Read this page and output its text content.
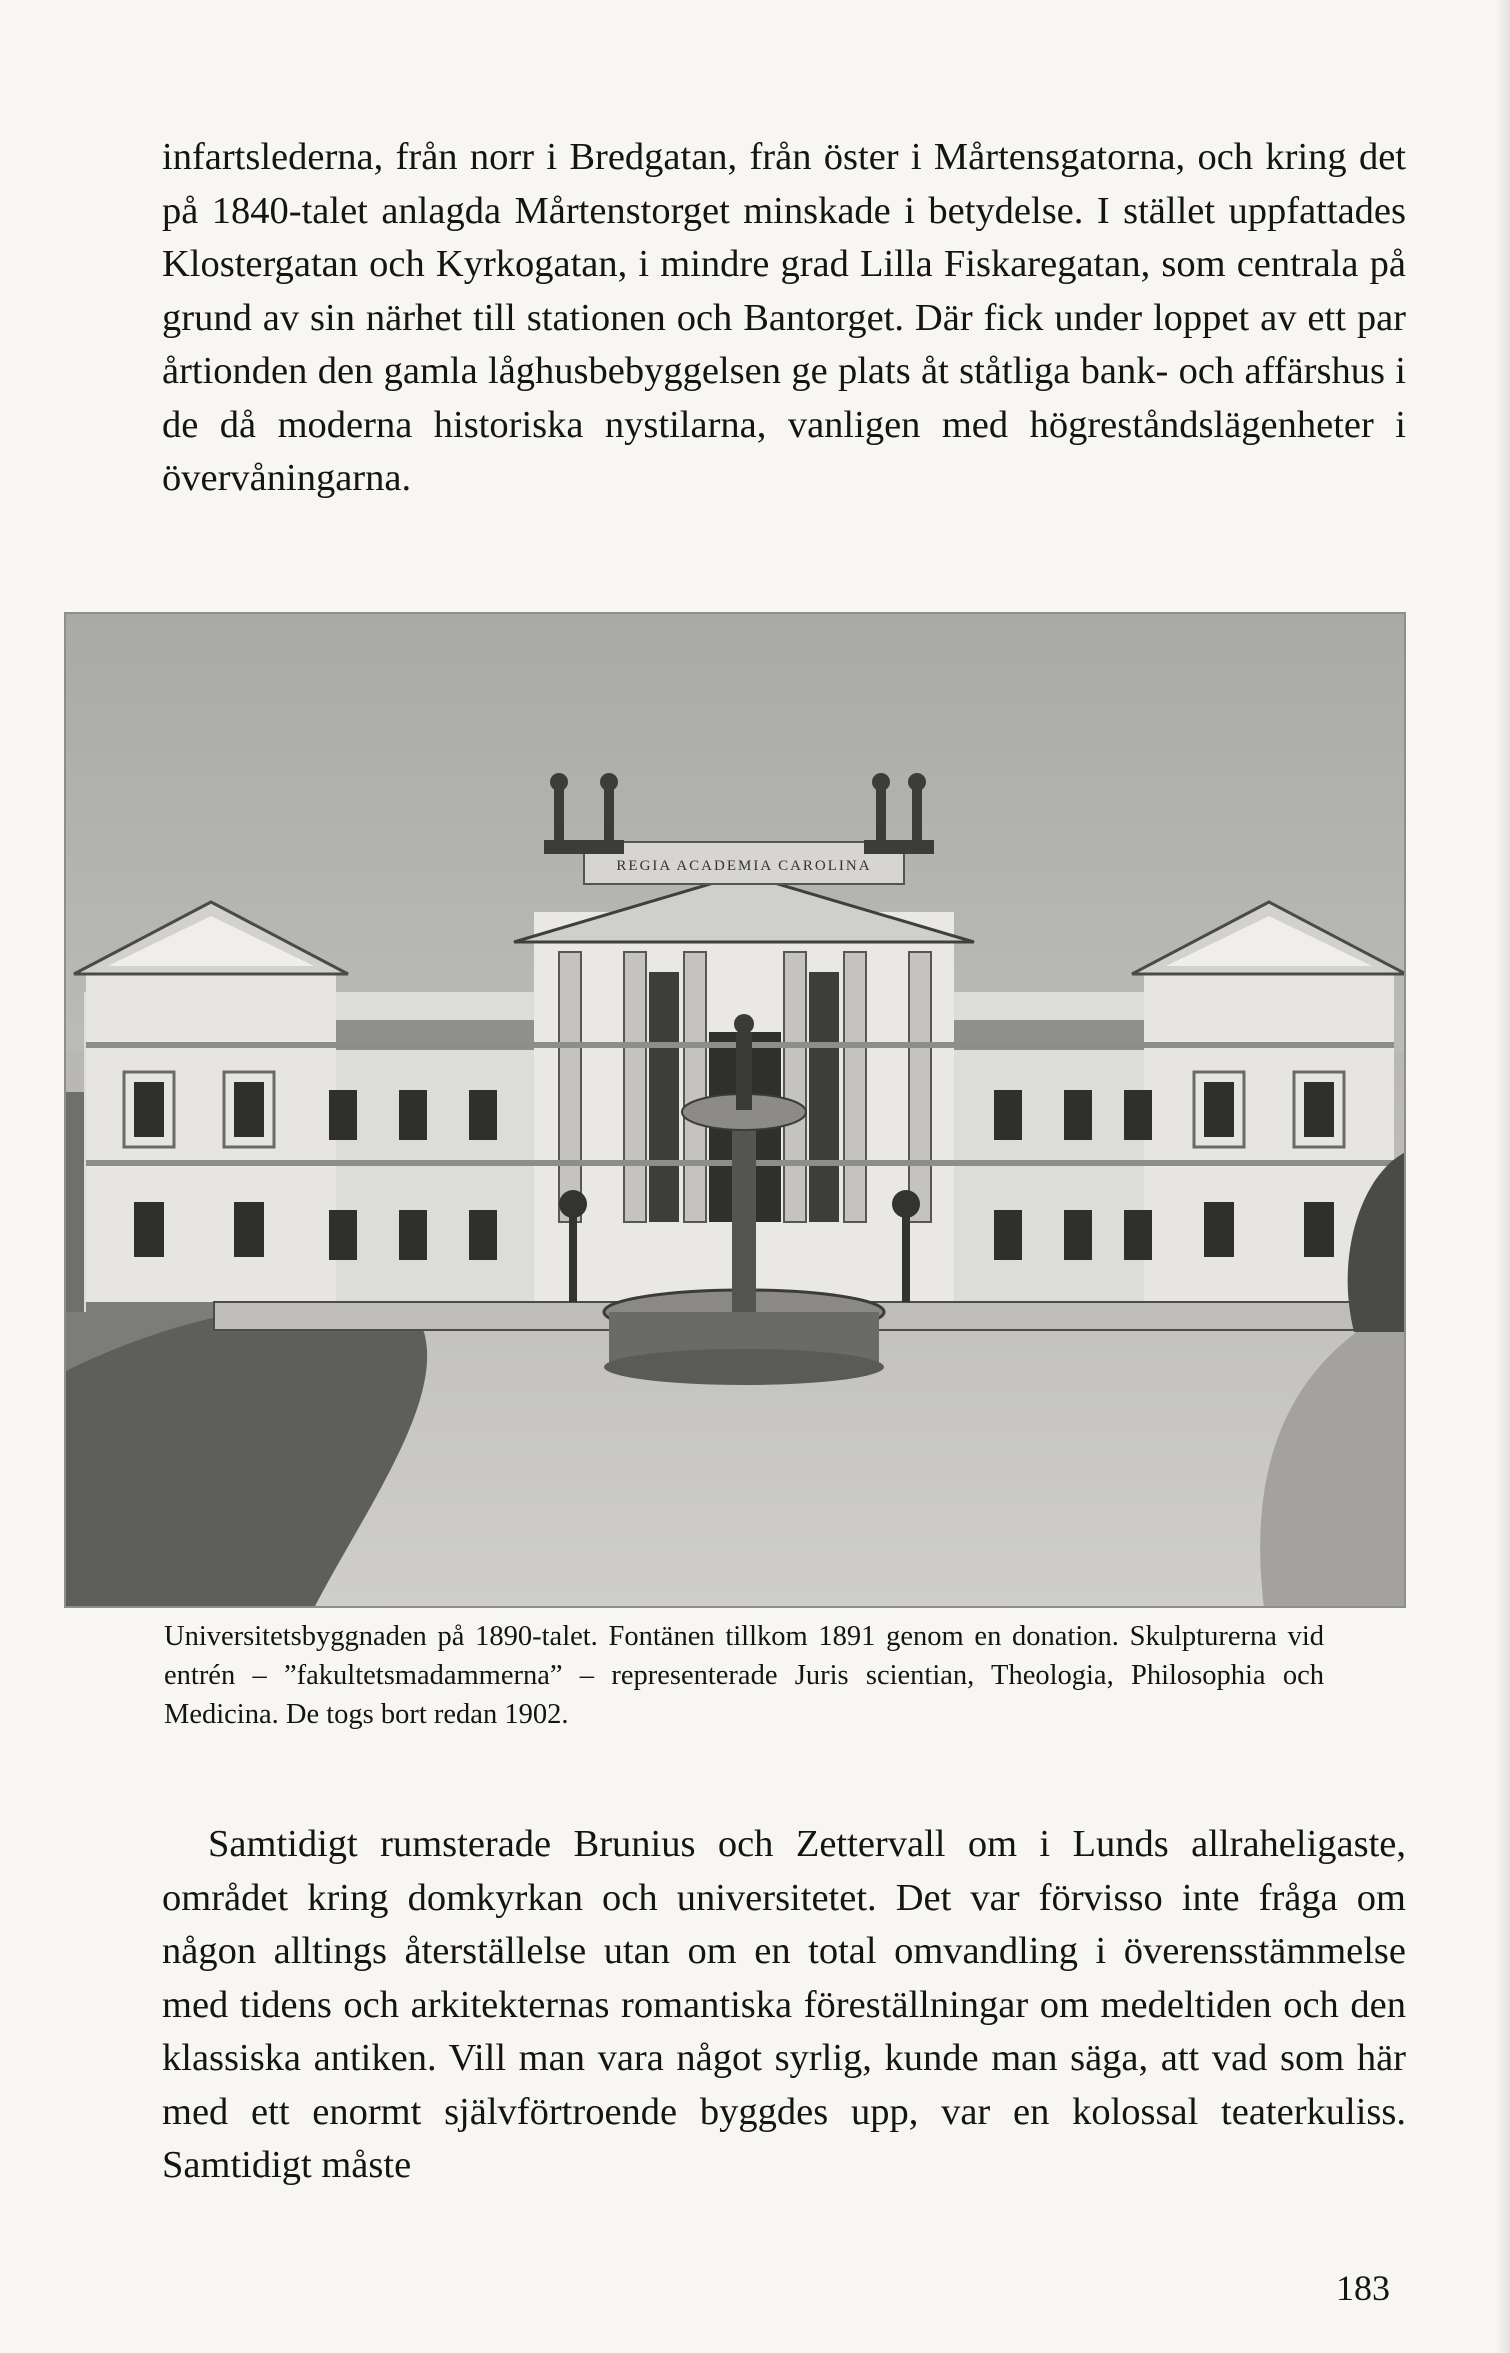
infartslederna, från norr i Bredgatan, från öster i Mårtensgatorna, och kring det på 1840-talet anlagda Mårtenstorget minskade i betydelse. I stället uppfattades Klostergatan och Kyrkogatan, i mindre grad Lilla Fiskaregatan, som centrala på grund av sin närhet till stationen och Bantorget. Där fick under loppet av ett par årtionden den gamla låghusbebyggelsen ge plats åt ståtliga bank- och affärshus i de då moderna historiska nystilarna, vanligen med högreståndslägenheter i övervåningarna.

REGIA ACADEMIA CAROLINA

Universitetsbyggnaden på 1890-talet. Fontänen tillkom 1891 genom en donation. Skulpturerna vid entrén – ”fakultetsmadammerna” – representerade Juris scientian, Theologia, Philosophia och Medicina. De togs bort redan 1902.

Samtidigt rumsterade Brunius och Zettervall om i Lunds allraheligaste, området kring domkyrkan och universitetet. Det var förvisso inte fråga om någon alltings återställelse utan om en total omvandling i överensstämmelse med tidens och arkitekternas romantiska föreställningar om medeltiden och den klassiska antiken. Vill man vara något syrlig, kunde man säga, att vad som här med ett enormt självförtroende byggdes upp, var en kolossal teaterkuliss. Samtidigt måste

183
